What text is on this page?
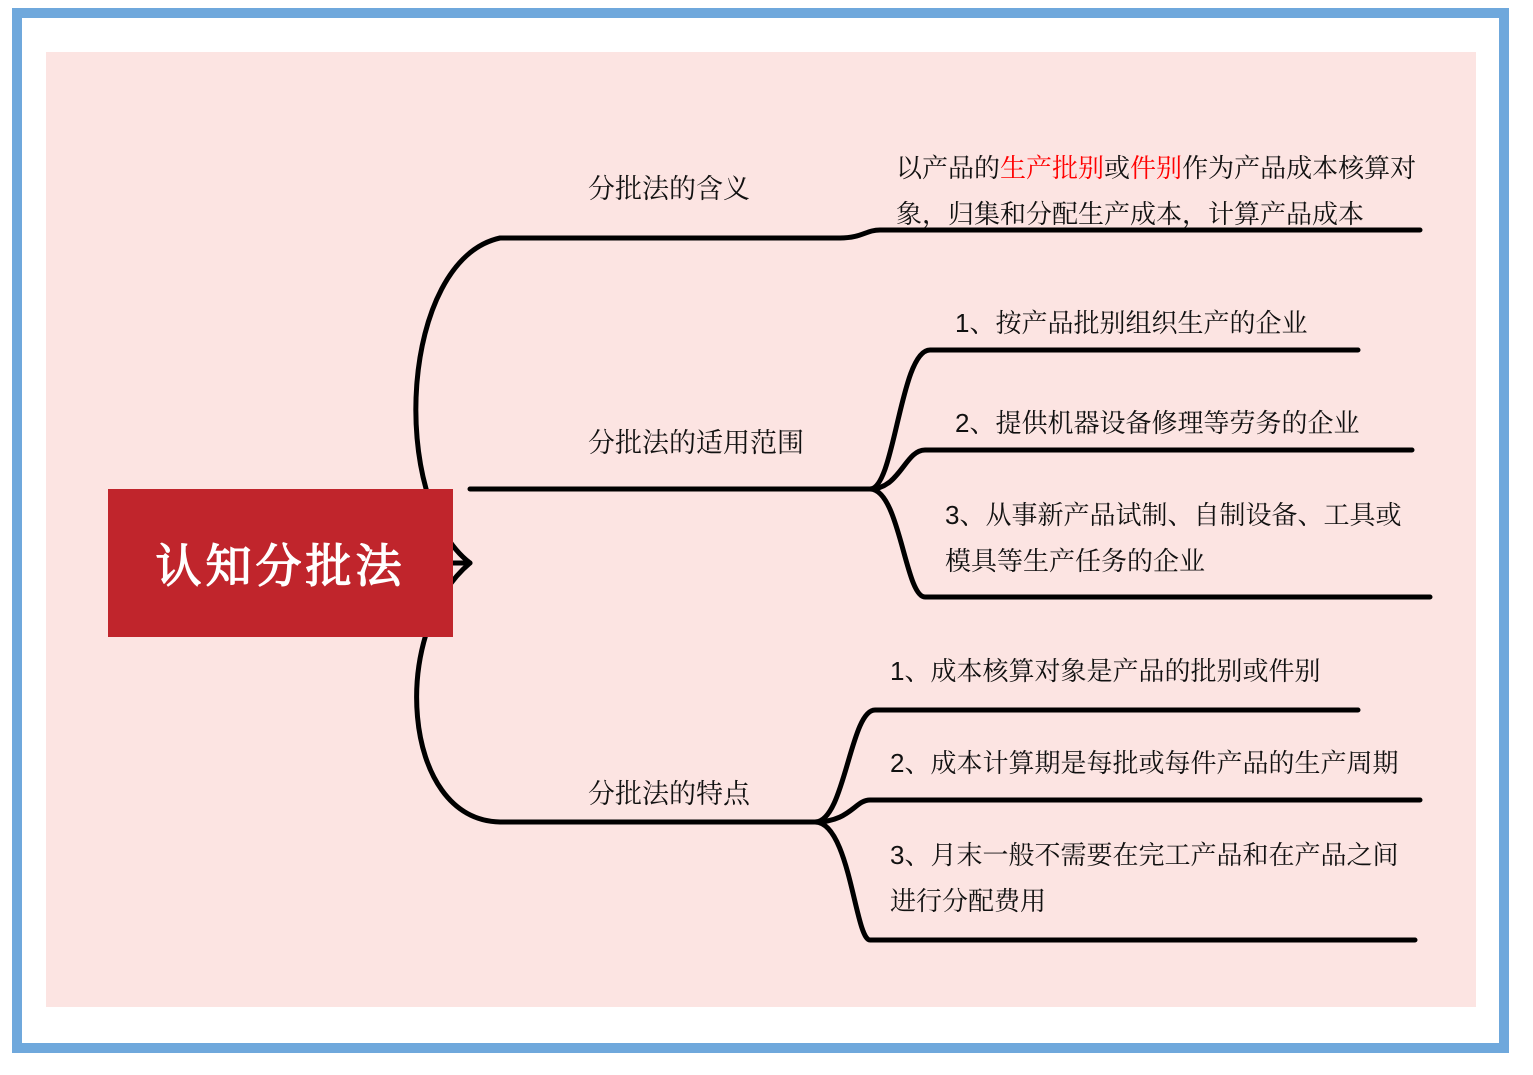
认知分批法
分批法的含义
分批法的适用范围
分批法的特点
以产品的生产批别或件别作为产品成本核算对象，归集和分配生产成本，计算产品成本
1、按产品批别组织生产的企业
2、提供机器设备修理等劳务的企业
3、从事新产品试制、自制设备、工具或模具等生产任务的企业
1、成本核算对象是产品的批别或件别
2、成本计算期是每批或每件产品的生产周期
3、月末一般不需要在完工产品和在产品之间进行分配费用
